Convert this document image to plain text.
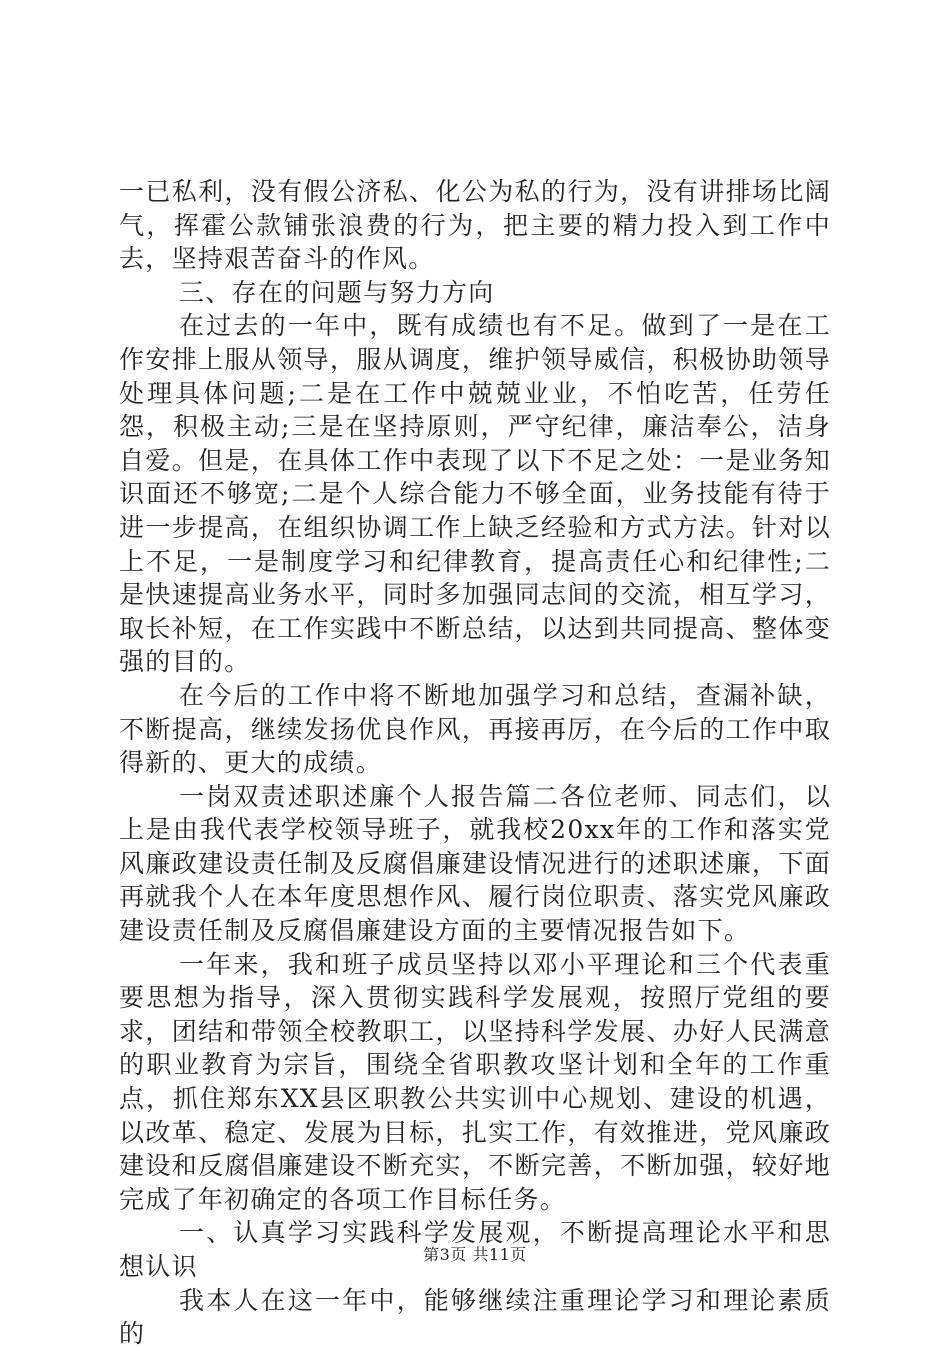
一已私利，没有假公济私、化公为私的行为，没有讲排场比阔气，挥霍公款铺张浪费的行为，把主要的精力投入到工作中去，坚持艰苦奋斗的作风。

三、存在的问题与努力方向

在过去的一年中，既有成绩也有不足。做到了一是在工作安排上服从领导，服从调度，维护领导威信，积极协助领导处理具体问题;二是在工作中兢兢业业，不怕吃苦，任劳任怨，积极主动;三是在坚持原则，严守纪律，廉洁奉公，洁身自爱。但是，在具体工作中表现了以下不足之处：一是业务知识面还不够宽;二是个人综合能力不够全面，业务技能有待于进一步提高，在组织协调工作上缺乏经验和方式方法。针对以上不足，一是制度学习和纪律教育，提高责任心和纪律性;二是快速提高业务水平，同时多加强同志间的交流，相互学习，取长补短，在工作实践中不断总结，以达到共同提高、整体变强的目的。

在今后的工作中将不断地加强学习和总结，查漏补缺，不断提高，继续发扬优良作风，再接再厉，在今后的工作中取得新的、更大的成绩。

一岗双责述职述廉个人报告篇二各位老师、同志们，以上是由我代表学校领导班子，就我校20xx年的工作和落实党风廉政建设责任制及反腐倡廉建设情况进行的述职述廉，下面再就我个人在本年度思想作风、履行岗位职责、落实党风廉政建设责任制及反腐倡廉建设方面的主要情况报告如下。

一年来，我和班子成员坚持以邓小平理论和三个代表重要思想为指导，深入贯彻实践科学发展观，按照厅党组的要求，团结和带领全校教职工，以坚持科学发展、办好人民满意的职业教育为宗旨，围绕全省职教攻坚计划和全年的工作重点，抓住郑东XX县区职教公共实训中心规划、建设的机遇，以改革、稳定、发展为目标，扎实工作，有效推进，党风廉政建设和反腐倡廉建设不断充实，不断完善，不断加强，较好地完成了年初确定的各项工作目标任务。

一、认真学习实践科学发展观，不断提高理论水平和思想认识

我本人在这一年中，能够继续注重理论学习和理论素质的

第3页 共11页
